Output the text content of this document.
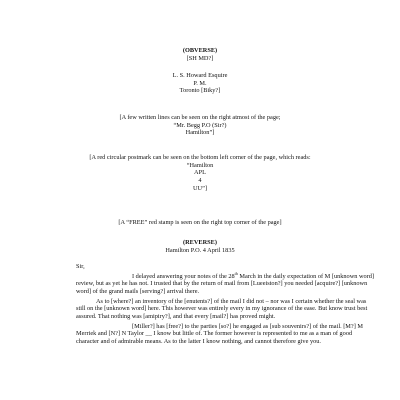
(OBVERSE)
[SH MD?]
L. S. Howard Esquire
P. M.
Toronto [Biky?]
[A few written lines can be seen on the right atmost of the page;
“Mr. Begg P.O (Sir?)
Hamilton”]
[A red circular postmark can be seen on the bottom left corner of the page, which reads:
“Hamilton
APL
4
UU”]
[A “FREE” red stamp is seen on the right top corner of the page]
(REVERSE)
Hamilton P.O. 4 April 1835

Sir,

I delayed answering your notes of the 28th March in the daily expectation of M [unknown word] review, but as yet he has not. I trusted that by the return of mail from [Lueeiston?] you needed [acquire?] [unknown word] of the grand mails [serving?] arrival there.

As to [where?] an inventory of the [enutents?] of the mail I did not – nor was I certain whether the seal was still on the [unknown word] here. This however was entirely every in my ignorance of the ease. But know trust best assured. That nothing was [amipiry?], and that every [mail?] has proved might.

[Miller?] has [free?] to the parties [so?] he engaged as [sub souvenirs?] of the mail. [M?] M Merriek and [N?] N Taylor __ I know but little of. The former however is represented to me as a man of good character and of admirable means. As to the latter I know nothing, and cannot therefore give you.
